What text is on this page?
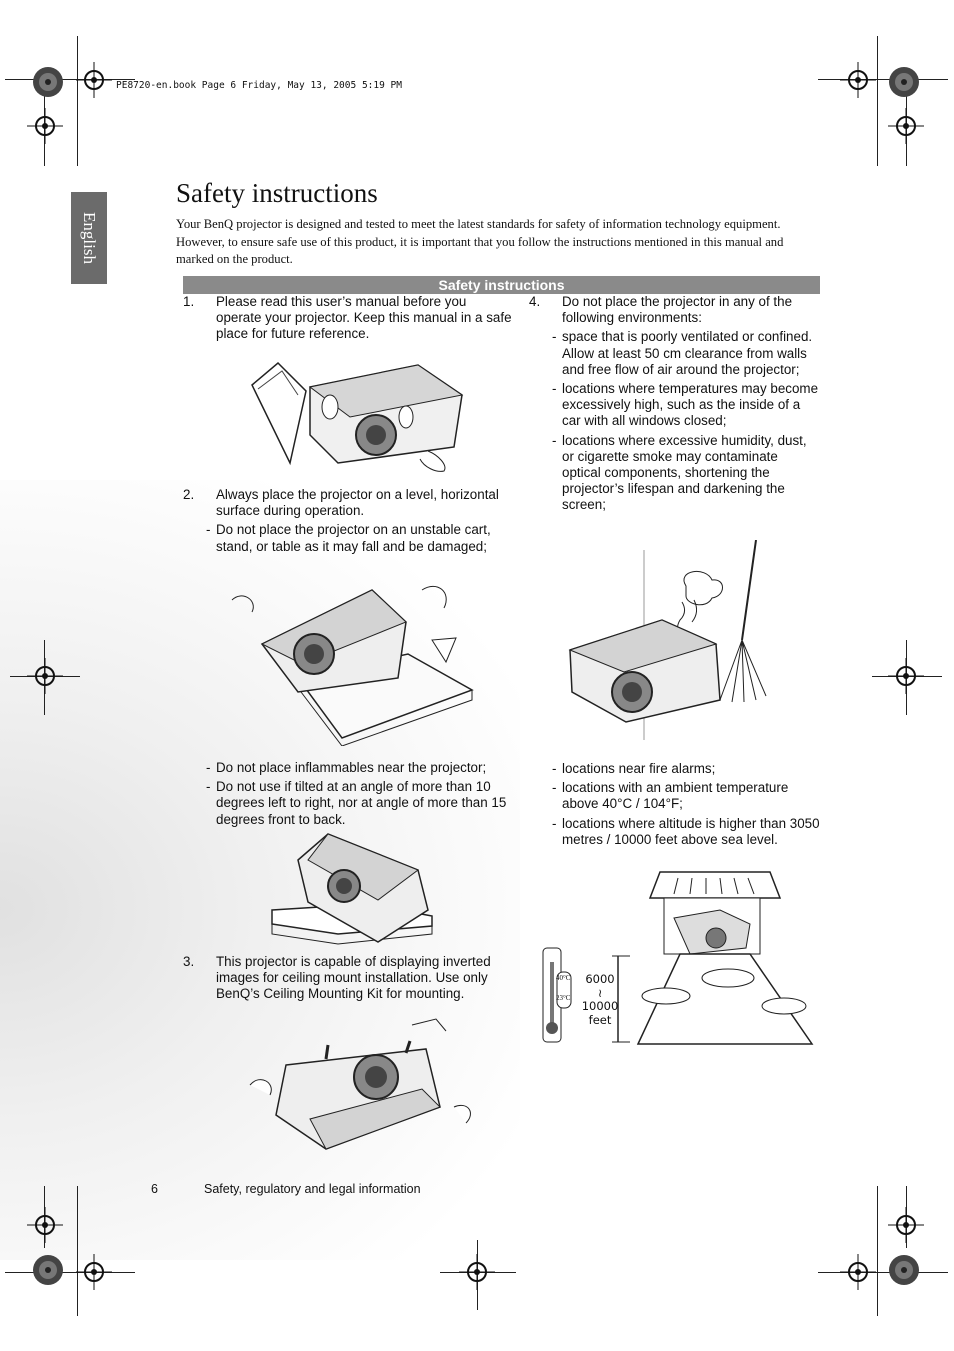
PE8720-en.book Page 6 Friday, May 13, 2005 5:19 PM
English
Safety instructions
Your BenQ projector is designed and tested to meet the latest standards for safety of information technology equipment. However, to ensure safe use of this product, it is important that you follow the instructions mentioned in this manual and marked on the product.
Safety instructions
1. Please read this user’s manual before you operate your projector. Keep this manual in a safe place for future reference.
2. Always place the projector on a level, horizontal surface during operation.
- Do not place the projector on an unstable cart, stand, or table as it may fall and be damaged;
- Do not place inflammables near the projector;
- Do not use if tilted at an angle of more than 10 degrees left to right, nor at angle of more than 15 degrees front to back.
3. This projector is capable of displaying inverted images for ceiling mount installation. Use only BenQ’s Ceiling Mounting Kit for mounting.
4. Do not place the projector in any of the following environments:
- space that is poorly ventilated or confined. Allow at least 50 cm clearance from walls and free flow of air around the projector;
- locations where temperatures may become excessively high, such as the inside of a car with all windows closed;
- locations where excessive humidity, dust, or cigarette smoke may contaminate optical components, shortening the projector’s lifespan and darkening the screen;
- locations near fire alarms;
- locations with an ambient temperature above 40°C / 104°F;
- locations where altitude is higher than 3050 metres / 10000 feet above sea level.
6000
≀
10000
feet
40°C
23°C
6	Safety, regulatory and legal information
